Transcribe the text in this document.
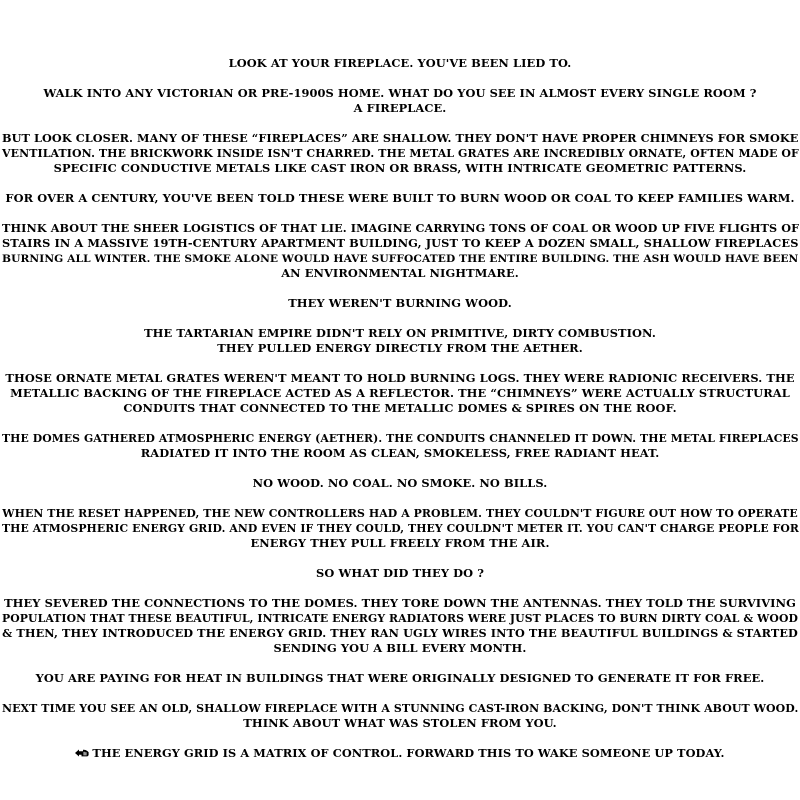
LOOK AT YOUR FIREPLACE. YOU'VE BEEN LIED TO.
WALK INTO ANY VICTORIAN OR PRE-1900S HOME. WHAT DO YOU SEE IN ALMOST EVERY SINGLE ROOM ?
A FIREPLACE.
BUT LOOK CLOSER. MANY OF THESE “FIREPLACES” ARE SHALLOW. THEY DON'T HAVE PROPER CHIMNEYS FOR SMOKE
VENTILATION. THE BRICKWORK INSIDE ISN'T CHARRED. THE METAL GRATES ARE INCREDIBLY ORNATE, OFTEN MADE OF
SPECIFIC CONDUCTIVE METALS LIKE CAST IRON OR BRASS, WITH INTRICATE GEOMETRIC PATTERNS.
FOR OVER A CENTURY, YOU'VE BEEN TOLD THESE WERE BUILT TO BURN WOOD OR COAL TO KEEP FAMILIES WARM.
THINK ABOUT THE SHEER LOGISTICS OF THAT LIE. IMAGINE CARRYING TONS OF COAL OR WOOD UP FIVE FLIGHTS OF
STAIRS IN A MASSIVE 19TH-CENTURY APARTMENT BUILDING, JUST TO KEEP A DOZEN SMALL, SHALLOW FIREPLACES
BURNING ALL WINTER. THE SMOKE ALONE WOULD HAVE SUFFOCATED THE ENTIRE BUILDING. THE ASH WOULD HAVE BEEN
AN ENVIRONMENTAL NIGHTMARE.
THEY WEREN'T BURNING WOOD.
THE TARTARIAN EMPIRE DIDN'T RELY ON PRIMITIVE, DIRTY COMBUSTION.
THEY PULLED ENERGY DIRECTLY FROM THE AETHER.
THOSE ORNATE METAL GRATES WEREN'T MEANT TO HOLD BURNING LOGS. THEY WERE RADIONIC RECEIVERS. THE
METALLIC BACKING OF THE FIREPLACE ACTED AS A REFLECTOR. THE “CHIMNEYS” WERE ACTUALLY STRUCTURAL
CONDUITS THAT CONNECTED TO THE METALLIC DOMES & SPIRES ON THE ROOF.
THE DOMES GATHERED ATMOSPHERIC ENERGY (AETHER). THE CONDUITS CHANNELED IT DOWN. THE METAL FIREPLACES
RADIATED IT INTO THE ROOM AS CLEAN, SMOKELESS, FREE RADIANT HEAT.
NO WOOD. NO COAL. NO SMOKE. NO BILLS.
WHEN THE RESET HAPPENED, THE NEW CONTROLLERS HAD A PROBLEM. THEY COULDN'T FIGURE OUT HOW TO OPERATE
THE ATMOSPHERIC ENERGY GRID. AND EVEN IF THEY COULD, THEY COULDN'T METER IT. YOU CAN'T CHARGE PEOPLE FOR
ENERGY THEY PULL FREELY FROM THE AIR.
SO WHAT DID THEY DO ?
THEY SEVERED THE CONNECTIONS TO THE DOMES. THEY TORE DOWN THE ANTENNAS. THEY TOLD THE SURVIVING
POPULATION THAT THESE BEAUTIFUL, INTRICATE ENERGY RADIATORS WERE JUST PLACES TO BURN DIRTY COAL & WOOD
& THEN, THEY INTRODUCED THE ENERGY GRID. THEY RAN UGLY WIRES INTO THE BEAUTIFUL BUILDINGS & STARTED
SENDING YOU A BILL EVERY MONTH.
YOU ARE PAYING FOR HEAT IN BUILDINGS THAT WERE ORIGINALLY DESIGNED TO GENERATE IT FOR FREE.
NEXT TIME YOU SEE AN OLD, SHALLOW FIREPLACE WITH A STUNNING CAST-IRON BACKING, DON'T THINK ABOUT WOOD.
THINK ABOUT WHAT WAS STOLEN FROM YOU.
THE ENERGY GRID IS A MATRIX OF CONTROL. FORWARD THIS TO WAKE SOMEONE UP TODAY.
